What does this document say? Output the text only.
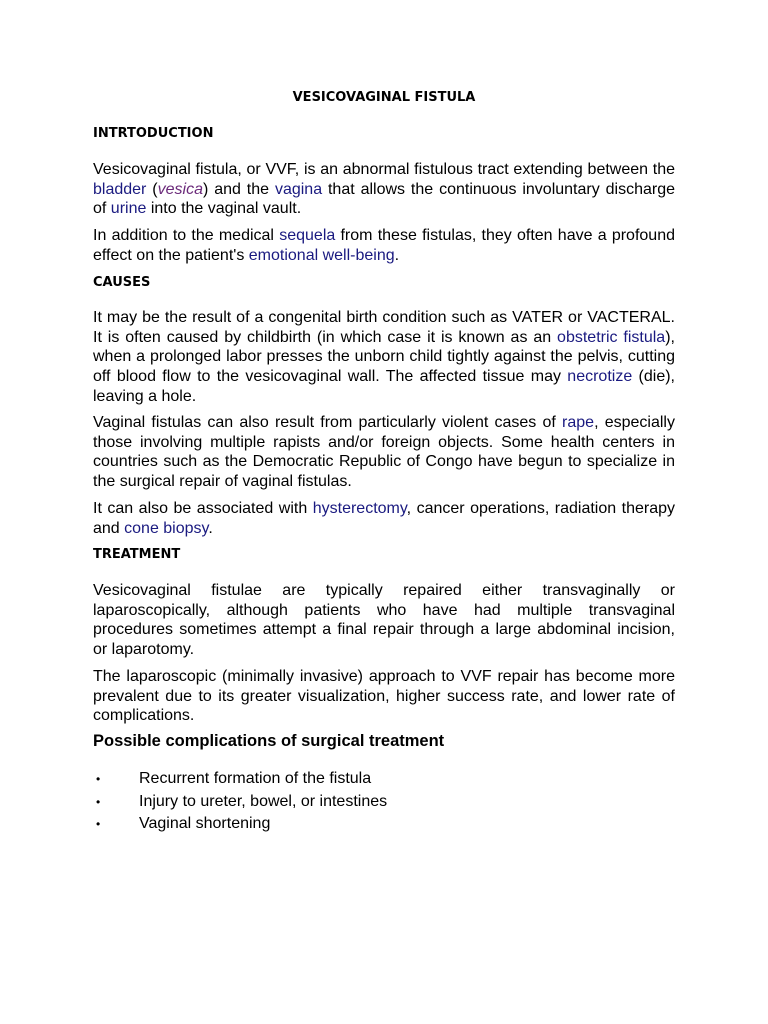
VESICOVAGINAL FISTULA
INTRTODUCTION

Vesicovaginal fistula, or VVF, is an abnormal fistulous tract extending between the bladder (vesica) and the vagina that allows the continuous involuntary discharge of urine into the vaginal vault.

In addition to the medical sequela from these fistulas, they often have a profound effect on the patient's emotional well-being.

CAUSES

It may be the result of a congenital birth condition such as VATER or VACTERAL. It is often caused by childbirth (in which case it is known as an obstetric fistula), when a prolonged labor presses the unborn child tightly against the pelvis, cutting off blood flow to the vesicovaginal wall. The affected tissue may necrotize (die), leaving a hole.

Vaginal fistulas can also result from particularly violent cases of rape, especially those involving multiple rapists and/or foreign objects. Some health centers in countries such as the Democratic Republic of Congo have begun to specialize in the surgical repair of vaginal fistulas.

It can also be associated with hysterectomy, cancer operations, radiation therapy and cone biopsy.

TREATMENT

Vesicovaginal fistulae are typically repaired either transvaginally or laparoscopically, although patients who have had multiple transvaginal procedures sometimes attempt a final repair through a large abdominal incision, or laparotomy.

The laparoscopic (minimally invasive) approach to VVF repair has become more prevalent due to its greater visualization, higher success rate, and lower rate of complications.

Possible complications of surgical treatment
• Recurrent formation of the fistula
• Injury to ureter, bowel, or intestines
• Vaginal shortening
